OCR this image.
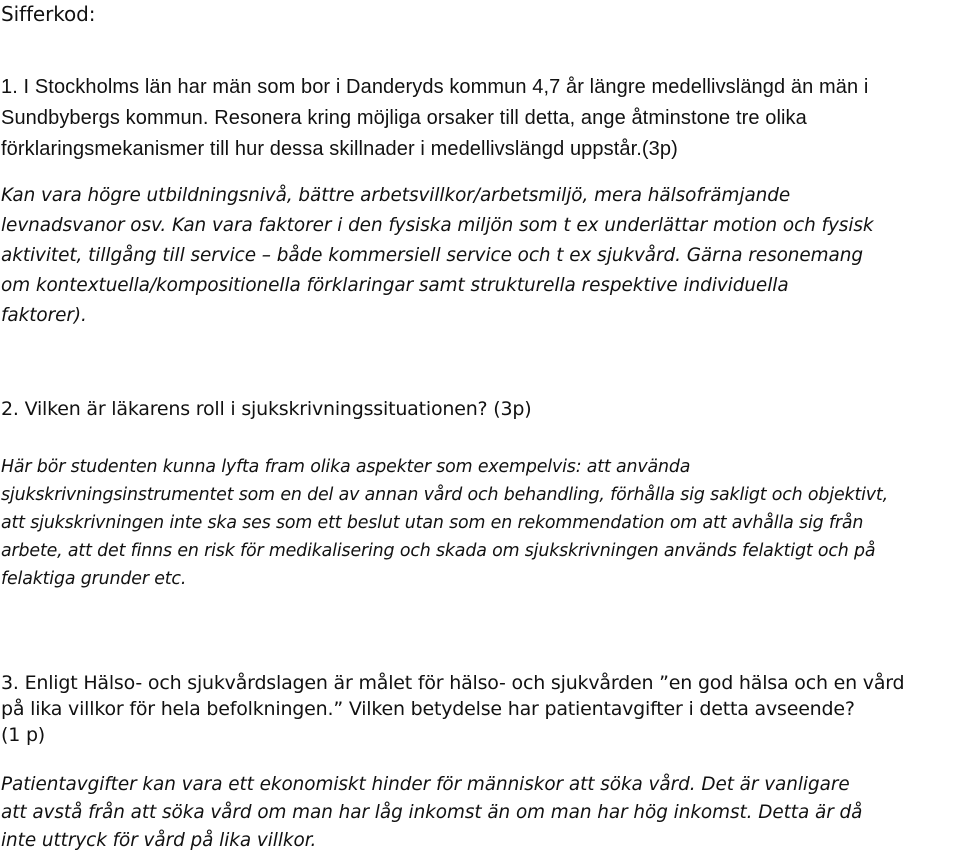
Sifferkod:
1. I Stockholms län har män som bor i Danderyds kommun 4,7 år längre medellivslängd än män i
Sundbybergs kommun. Resonera kring möjliga orsaker till detta, ange åtminstone tre olika
förklaringsmekanismer till hur dessa skillnader i medellivslängd uppstår.(3p)
Kan vara högre utbildningsnivå, bättre arbetsvillkor/arbetsmiljö, mera hälsofrämjande
levnadsvanor osv. Kan vara faktorer i den fysiska miljön som t ex underlättar motion och fysisk
aktivitet, tillgång till service – både kommersiell service och t ex sjukvård. Gärna resonemang
om kontextuella/kompositionella förklaringar samt strukturella respektive individuella
faktorer).
2. Vilken är läkarens roll i sjukskrivningssituationen? (3p)
Här bör studenten kunna lyfta fram olika aspekter som exempelvis: att använda
sjukskrivningsinstrumentet som en del av annan vård och behandling, förhålla sig sakligt och objektivt,
att sjukskrivningen inte ska ses som ett beslut utan som en rekommendation om att avhålla sig från
arbete, att det finns en risk för medikalisering och skada om sjukskrivningen används felaktigt och på
felaktiga grunder etc.
3. Enligt Hälso- och sjukvårdslagen är målet för hälso- och sjukvården ”en god hälsa och en vård
på lika villkor för hela befolkningen.” Vilken betydelse har patientavgifter i detta avseende?
(1 p)
Patientavgifter kan vara ett ekonomiskt hinder för människor att söka vård. Det är vanligare
att avstå från att söka vård om man har låg inkomst än om man har hög inkomst. Detta är då
inte uttryck för vård på lika villkor.
